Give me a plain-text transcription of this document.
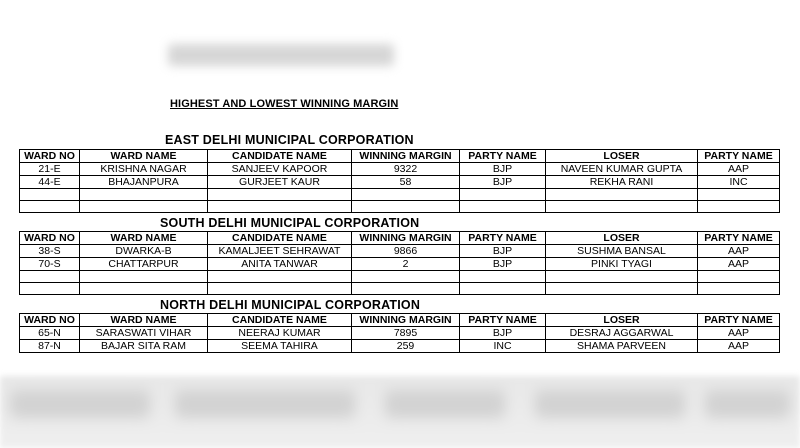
HIGHEST AND LOWEST WINNING MARGIN
EAST DELHI MUNICIPAL CORPORATION
WARD NO	WARD NAME	CANDIDATE NAME	WINNING MARGIN	PARTY NAME	LOSER	PARTY NAME
21-E	KRISHNA NAGAR	SANJEEV KAPOOR	9322	BJP	NAVEEN KUMAR GUPTA	AAP
44-E	BHAJANPURA	GURJEET KAUR	58	BJP	REKHA RANI	INC

SOUTH DELHI MUNICIPAL CORPORATION
WARD NO	WARD NAME	CANDIDATE NAME	WINNING MARGIN	PARTY NAME	LOSER	PARTY NAME
38-S	DWARKA-B	KAMALJEET SEHRAWAT	9866	BJP	SUSHMA BANSAL	AAP
70-S	CHATTARPUR	ANITA TANWAR	2	BJP	PINKI TYAGI	AAP

NORTH DELHI MUNICIPAL CORPORATION
WARD NO	WARD NAME	CANDIDATE NAME	WINNING MARGIN	PARTY NAME	LOSER	PARTY NAME
65-N	SARASWATI VIHAR	NEERAJ KUMAR	7895	BJP	DESRAJ AGGARWAL	AAP
87-N	BAJAR SITA RAM	SEEMA TAHIRA	259	INC	SHAMA PARVEEN	AAP
